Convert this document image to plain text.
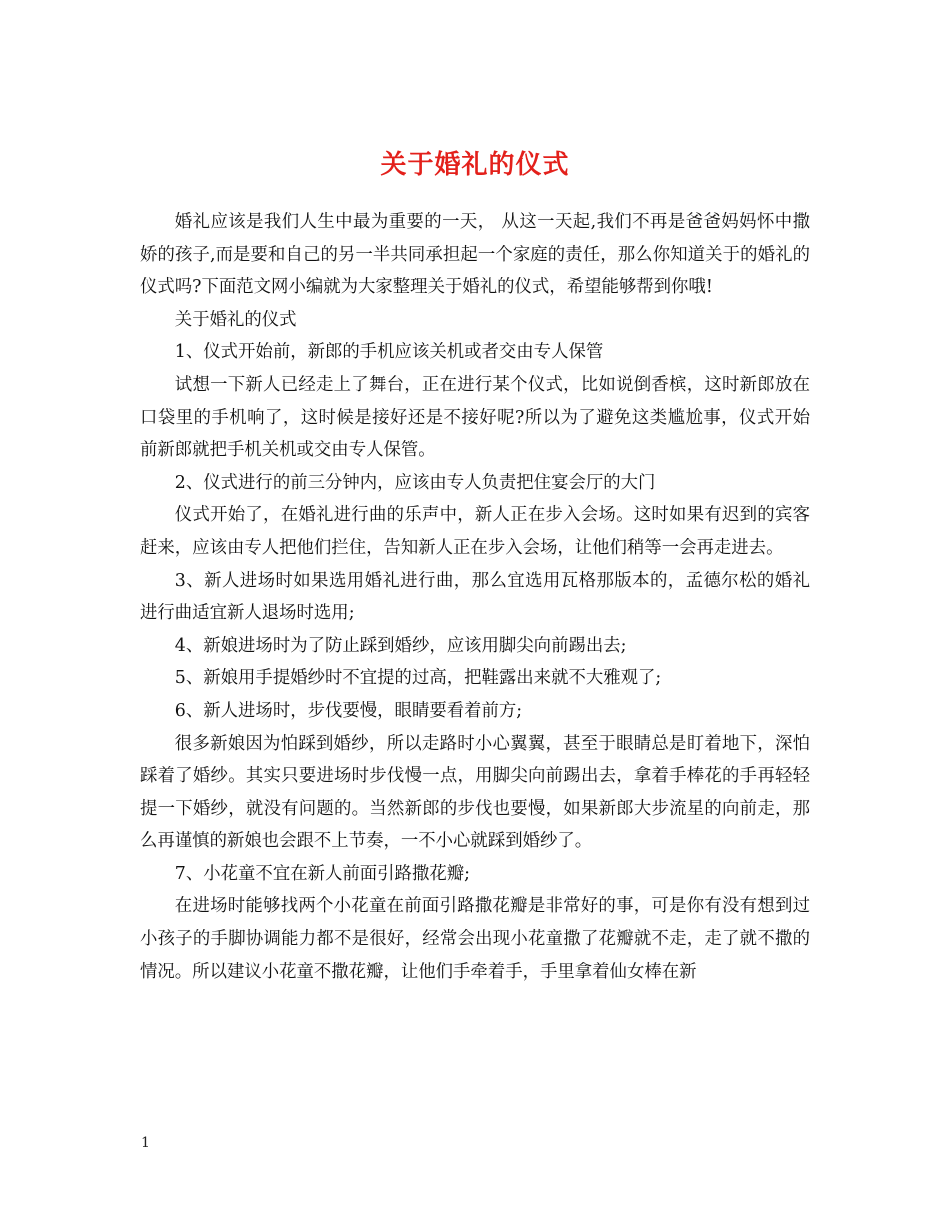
关于婚礼的仪式

婚礼应该是我们人生中最为重要的一天， 从这一天起,我们不再是爸爸妈妈怀中撒娇的孩子,而是要和自己的另一半共同承担起一个家庭的责任，那么你知道关于的婚礼的仪式吗?下面范文网小编就为大家整理关于婚礼的仪式，希望能够帮到你哦!

关于婚礼的仪式

1、仪式开始前，新郎的手机应该关机或者交由专人保管

试想一下新人已经走上了舞台，正在进行某个仪式，比如说倒香槟，这时新郎放在口袋里的手机响了，这时候是接好还是不接好呢?所以为了避免这类尴尬事，仪式开始前新郎就把手机关机或交由专人保管。

2、仪式进行的前三分钟内，应该由专人负责把住宴会厅的大门

仪式开始了，在婚礼进行曲的乐声中，新人正在步入会场。这时如果有迟到的宾客赶来，应该由专人把他们拦住，告知新人正在步入会场，让他们稍等一会再走进去。

3、新人进场时如果选用婚礼进行曲，那么宜选用瓦格那版本的，孟德尔松的婚礼进行曲适宜新人退场时选用;

4、新娘进场时为了防止踩到婚纱，应该用脚尖向前踢出去;

5、新娘用手提婚纱时不宜提的过高，把鞋露出来就不大雅观了;

6、新人进场时，步伐要慢，眼睛要看着前方;

很多新娘因为怕踩到婚纱，所以走路时小心翼翼，甚至于眼睛总是盯着地下，深怕踩着了婚纱。其实只要进场时步伐慢一点，用脚尖向前踢出去，拿着手棒花的手再轻轻提一下婚纱，就没有问题的。当然新郎的步伐也要慢，如果新郎大步流星的向前走，那么再谨慎的新娘也会跟不上节奏，一不小心就踩到婚纱了。

7、小花童不宜在新人前面引路撒花瓣;

在进场时能够找两个小花童在前面引路撒花瓣是非常好的事，可是你有没有想到过小孩子的手脚协调能力都不是很好，经常会出现小花童撒了花瓣就不走，走了就不撒的情况。所以建议小花童不撒花瓣，让他们手牵着手，手里拿着仙女棒在新

1
